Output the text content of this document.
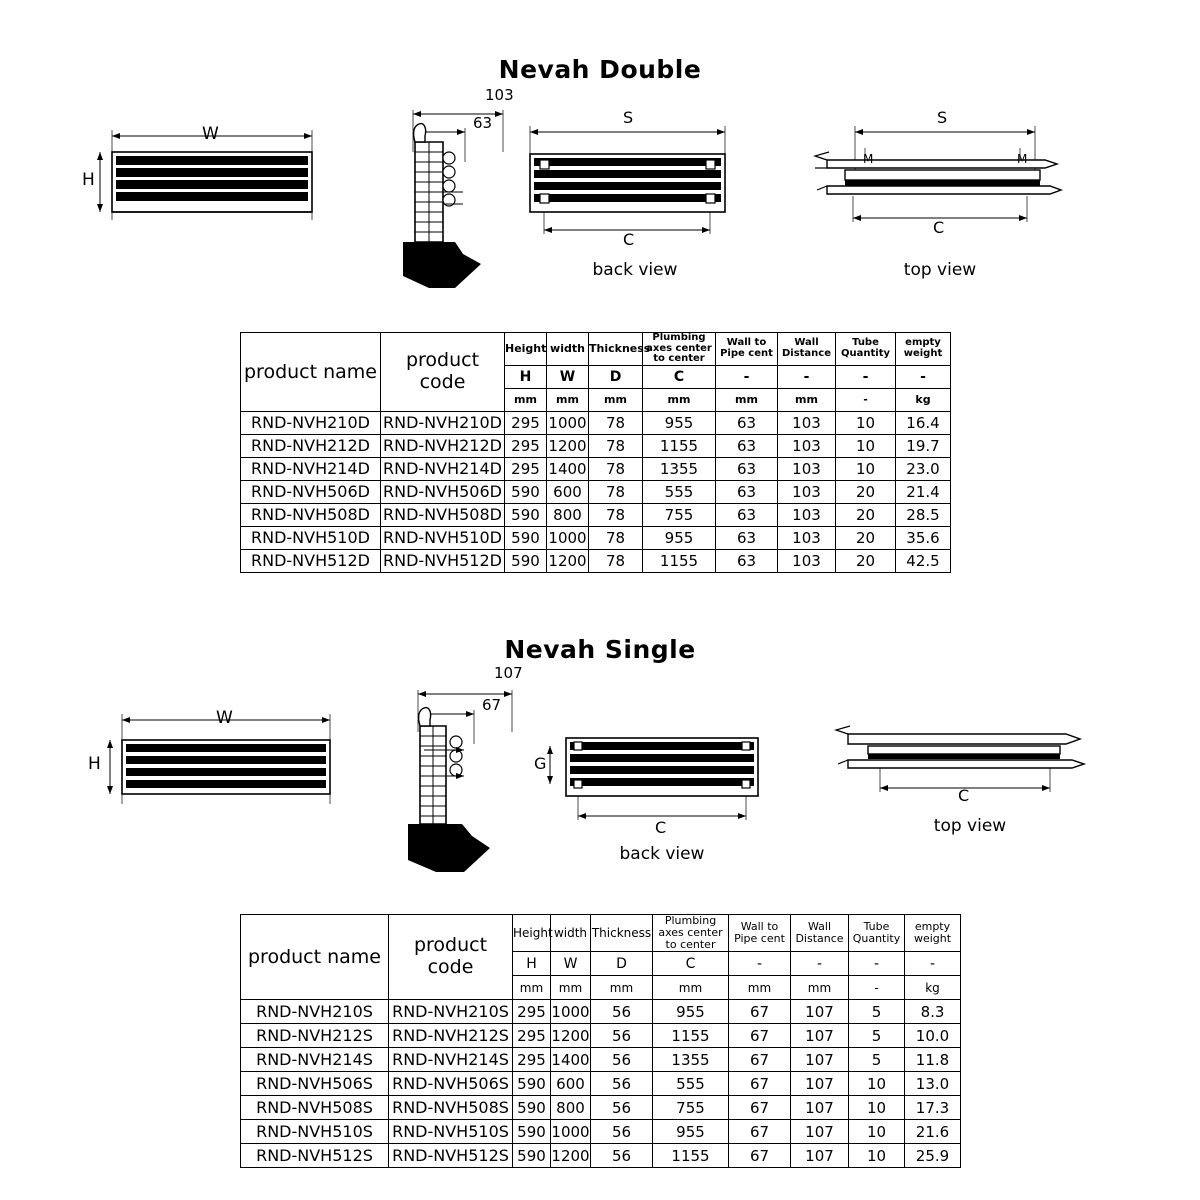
Nevah Double
W
H
103
63	S
C
back view
S
C
M	M
top view
product name	product code	Height	width	Thickness	Plumbing axes center to center	Wall to Pipe cent	Wall Distance	Tube Quantity	empty weight
		H	W	D	C	-	-	-	-
		mm	mm	mm	mm	mm	mm	-	kg
RND-NVH210D	RND-NVH210D	295	1000	78	955	63	103	10	16.4
RND-NVH212D	RND-NVH212D	295	1200	78	1155	63	103	10	19.7
RND-NVH214D	RND-NVH214D	295	1400	78	1355	63	103	10	23.0
RND-NVH506D	RND-NVH506D	590	600	78	555	63	103	20	21.4
RND-NVH508D	RND-NVH508D	590	800	78	755	63	103	20	28.5
RND-NVH510D	RND-NVH510D	590	1000	78	955	63	103	20	35.6
RND-NVH512D	RND-NVH512D	590	1200	78	1155	63	103	20	42.5
Nevah Single
W
H
107
67
G
C
back view
C
top view
product name	product code	Height	width	Thickness	Plumbing axes center to center	Wall to Pipe cent	Wall Distance	Tube Quantity	empty weight
		H	W	D	C	-	-	-	-
		mm	mm	mm	mm	mm	mm	-	kg
RND-NVH210S	RND-NVH210S	295	1000	56	955	67	107	5	8.3
RND-NVH212S	RND-NVH212S	295	1200	56	1155	67	107	5	10.0
RND-NVH214S	RND-NVH214S	295	1400	56	1355	67	107	5	11.8
RND-NVH506S	RND-NVH506S	590	600	56	555	67	107	10	13.0
RND-NVH508S	RND-NVH508S	590	800	56	755	67	107	10	17.3
RND-NVH510S	RND-NVH510S	590	1000	56	955	67	107	10	21.6
RND-NVH512S	RND-NVH512S	590	1200	56	1155	67	107	10	25.9
